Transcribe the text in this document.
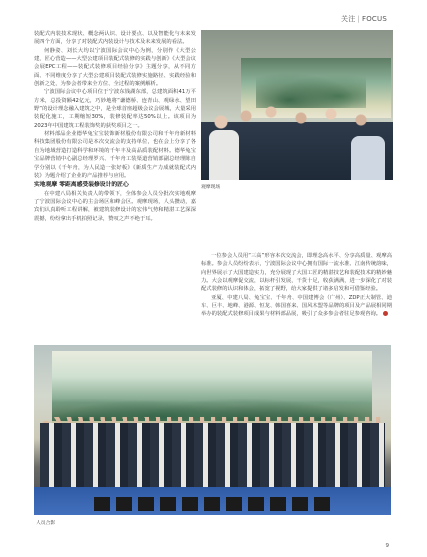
关注 | FOCUS

装配式内装技术现状、概念两认识、设计要点、以及智能化与未来发展四个方面，分享了对装配式内装设计与技术及未来发展的看法。

何静姿、刘长大均以宁波国际会议中心为例，分别作《大型公建，匠心营造——大型公建项目装配式装修的实践与创新》《大型会议会展EPC工程——装配式装修项目经验分享》主题分享，从不同方面、不同维度分享了大型公建项目装配式装修实施路径、实践经验和创新之处，为参会者带来全方位、全过程的案例解析。

宁波国际会议中心项目位于宁波东钱湖东部，总建筑面积41万平方米，总投资额42亿元，巧妙地将“谦德桥、连青山、观绿水、望田野”的设计理念融入建筑之中，是全球首座超级会议会展城，大量采用装配化施工，工期缩短30%，装修装配率达50%以上。该项目为2023年中国建筑工程装饰奖的获奖项目之一。

材料部品企业德华兔宝宝装饰新材股份有限公司和千年舟新材料科技集团股份有限公司是本次交流会的支持单位，也在会上分享了各自为地域营造打造科学和环境的千年丰及高品质装配材料。德华兔宝宝品牌营销中心副总经理罗兴、千年舟工装渠道营销部副总经理陈自学分别以《千年舟，为人民造一张好板》《新质生产力成就装配式内装》为题介绍了企业的产品推荐与应用。

实地观摩 零距离感受装修设计的匠心

在中建八局相关负责人的带领下，全体参会人员分批次实地观摩了宁波国际会议中心的主会场区和峰会区。观摩现场，人头攒动，嘉宾们认真聆听工程讲解，被建筑装修设计的宏伟气势和精湛工艺深深震撼，纷纷拿出手机拍照记录，赞叹之声不绝于耳。

观摩现场

一位参会人员用“三高”形容本次交流会，即理念高水平、分享高质量、观摩高标准。参会人员纷纷表示，宁波国际会议中心拥有国际一流水准、江南传统韵味，向世界展示了大国建造实力，充分展现了大国工匠的精湛技艺和装配技术的精妙魅力。大会以观摩促交流，以标杆引发展，干货十足，收获满满，进一步深化了对装配式装修的认识和体会，拓宽了视野，给大家提供了诸多启发和可借鉴经验。

亚厦、中建八局、兔宝宝、千年舟、中国建博会（广州）、ZDP正大制管、迪车、巨丰、地峰、港源、恒龙、韩国喜来、国风木盟等品牌的项目及产品展相同期举办的装配式装修项目成果与材料部品展，吸引了众多参会者驻足参观咨询。

人员合影
9
